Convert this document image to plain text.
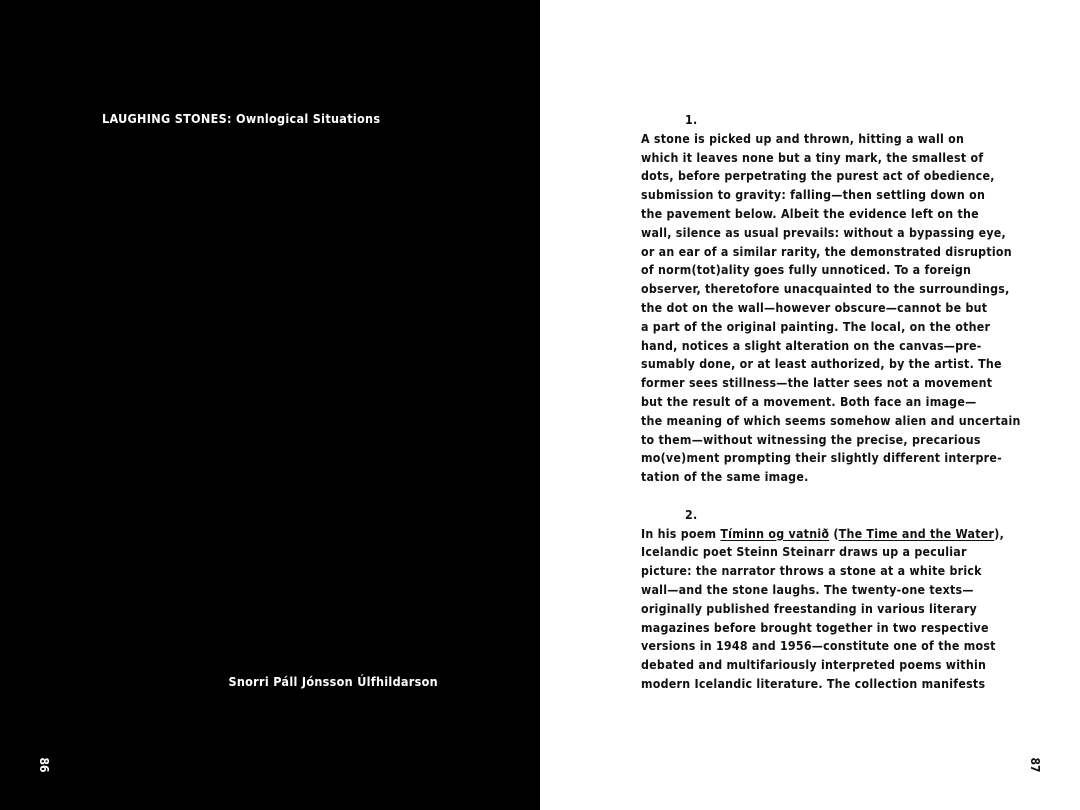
LAUGHING STONES: Ownlogical Situations
Snorri Páll Jónsson Úlfhildarson
86
1.
A stone is picked up and thrown, hitting a wall on
which it leaves none but a tiny mark, the smallest of
dots, before perpetrating the purest act of obedience,
submission to gravity: falling—then settling down on
the pavement below. Albeit the evidence left on the
wall, silence as usual prevails: without a bypassing eye,
or an ear of a similar rarity, the demonstrated disruption
of norm(tot)ality goes fully unnoticed. To a foreign
observer, theretofore unacquainted to the surroundings,
the dot on the wall—however obscure—cannot be but
a part of the original painting. The local, on the other
hand, notices a slight alteration on the canvas—pre-
sumably done, or at least authorized, by the artist. The
former sees stillness—the latter sees not a movement
but the result of a movement. Both face an image—
the meaning of which seems somehow alien and uncertain
to them—without witnessing the precise, precarious
mo(ve)ment prompting their slightly different interpre-
tation of the same image.
2.
In his poem Tíminn og vatnið (The Time and the Water),
Icelandic poet Steinn Steinarr draws up a peculiar
picture: the narrator throws a stone at a white brick
wall—and the stone laughs. The twenty-one texts—
originally published freestanding in various literary
magazines before brought together in two respective
versions in 1948 and 1956—constitute one of the most
debated and multifariously interpreted poems within
modern Icelandic literature. The collection manifests
87
